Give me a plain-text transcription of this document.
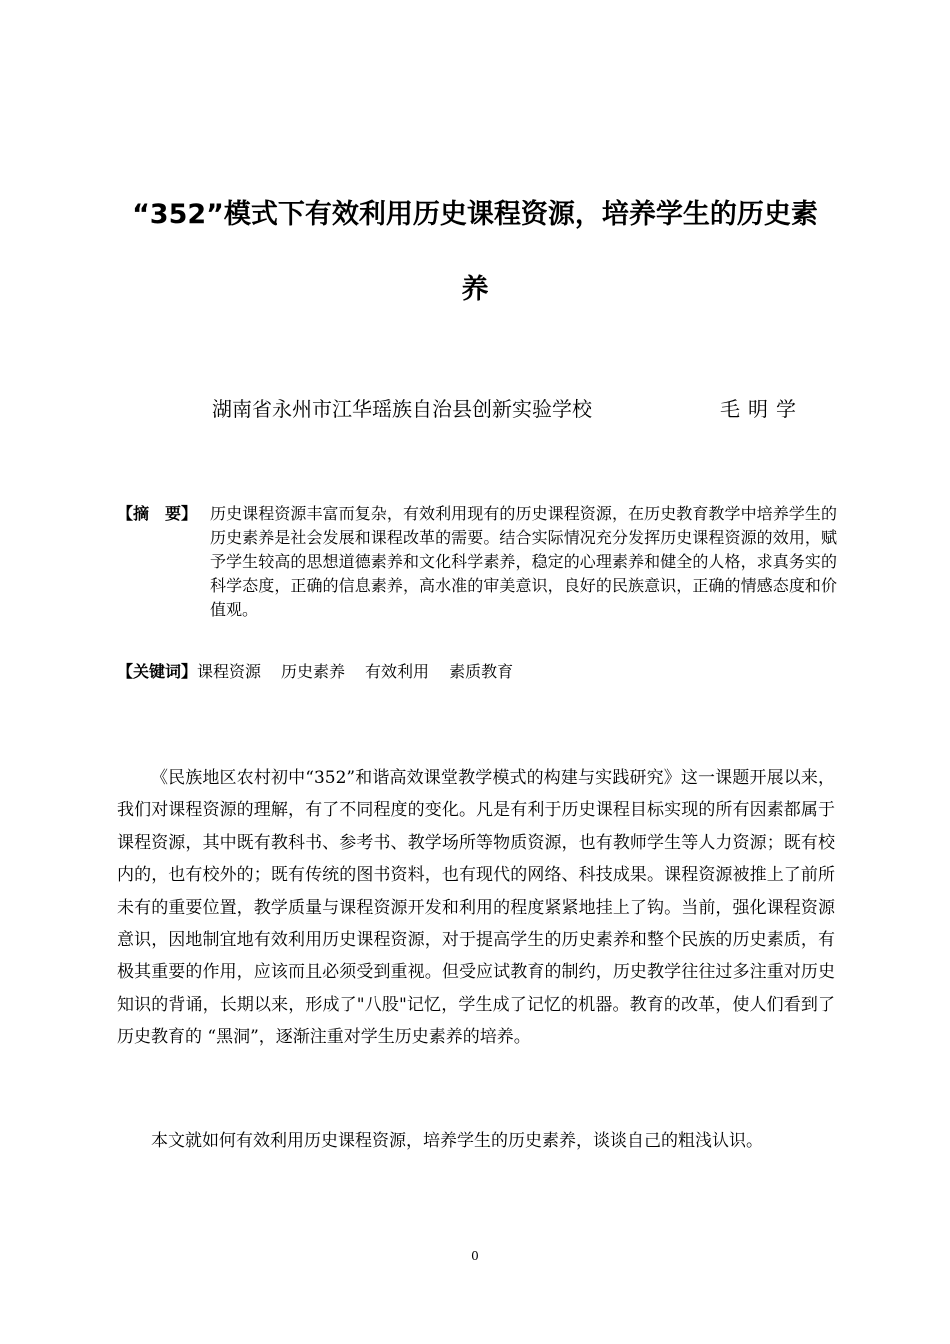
“352”模式下有效利用历史课程资源，培养学生的历史素
养
湖南省永州市江华瑶族自治县创新实验学校	毛明学
【摘　要】 历史课程资源丰富而复杂，有效利用现有的历史课程资源，在历史教育教学中培养学生的历史素养是社会发展和课程改革的需要。结合实际情况充分发挥历史课程资源的效用，赋予学生较高的思想道德素养和文化科学素养，稳定的心理素养和健全的人格，求真务实的科学态度，正确的信息素养，高水准的审美意识，良好的民族意识，正确的情感态度和价值观。
【关键词】课程资源 历史素养 有效利用 素质教育

《民族地区农村初中“352”和谐高效课堂教学模式的构建与实践研究》这一课题开展以来，我们对课程资源的理解，有了不同程度的变化。凡是有利于历史课程目标实现的所有因素都属于课程资源，其中既有教科书、参考书、教学场所等物质资源，也有教师学生等人力资源；既有校内的，也有校外的；既有传统的图书资料，也有现代的网络、科技成果。课程资源被推上了前所未有的重要位置，教学质量与课程资源开发和利用的程度紧紧地挂上了钩。当前，强化课程资源意识，因地制宜地有效利用历史课程资源，对于提高学生的历史素养和整个民族的历史素质，有极其重要的作用，应该而且必须受到重视。但受应试教育的制约，历史教学往往过多注重对历史知识的背诵，长期以来，形成了"八股"记忆，学生成了记忆的机器。教育的改革，使人们看到了历史教育的 “黑洞”，逐渐注重对学生历史素养的培养。

本文就如何有效利用历史课程资源，培养学生的历史素养，谈谈自己的粗浅认识。

0
